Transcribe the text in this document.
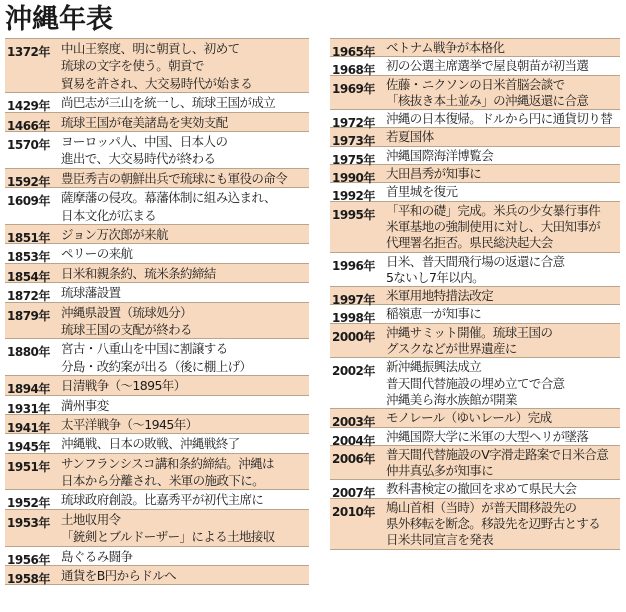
沖縄年表
1372年 中山王察度、明に朝貢し、初めて
琉球の文字を使う。朝貢で
貿易を許され、大交易時代が始まる
1429年 尚巴志が三山を統一し、琉球王国が成立
1466年 琉球王国が奄美諸島を実効支配
1570年 ヨーロッパ人、中国、日本人の
進出で、大交易時代が終わる
1592年 豊臣秀吉の朝鮮出兵で琉球にも軍役の命令
1609年 薩摩藩の侵攻。幕藩体制に組み込まれ、
日本文化が広まる
1851年 ジョン万次郎が来航
1853年 ペリーの来航
1854年 日米和親条約、琉米条約締結
1872年 琉球藩設置
1879年 沖縄県設置（琉球処分）
琉球王国の支配が終わる
1880年 宮古・八重山を中国に割譲する
分島・改約案が出る（後に棚上げ）
1894年 日清戦争（～1895年）
1931年 満州事変
1941年 太平洋戦争（～1945年）
1945年 沖縄戦、日本の敗戦、沖縄戦終了
1951年 サンフランシスコ講和条約締結。沖縄は
日本から分離され、米軍の施政下に。
1952年 琉球政府創設。比嘉秀平が初代主席に
1953年 土地収用令
「銃剣とブルドーザー」による土地接収
1956年 島ぐるみ闘争
1958年 通貨をB円からドルへ
1965年 ベトナム戦争が本格化
1968年 初の公選主席選挙で屋良朝苗が初当選
1969年 佐藤・ニクソンの日米首脳会談で
「核抜き本土並み」の沖縄返還に合意
1972年 沖縄の日本復帰。ドルから円に通貨切り替
1973年 若夏国体
1975年 沖縄国際海洋博覧会
1990年 大田昌秀が知事に
1992年 首里城を復元
1995年 「平和の礎」完成。米兵の少女暴行事件
米軍基地の強制使用に対し、大田知事が
代理署名拒否。県民総決起大会
1996年 日米、普天間飛行場の返還に合意
5ないし7年以内。
1997年 米軍用地特措法改定
1998年 稲嶺恵一が知事に
2000年 沖縄サミット開催。琉球王国の
グスクなどが世界遺産に
2002年 新沖縄振興法成立
普天間代替施設の埋め立てで合意
沖縄美ら海水族館が開業
2003年 モノレール（ゆいレール）完成
2004年 沖縄国際大学に米軍の大型ヘリが墜落
2006年 普天間代替施設のV字滑走路案で日米合意
仲井真弘多が知事に
2007年 教科書検定の撤回を求めて県民大会
2010年 鳩山首相（当時）が普天間移設先の
県外移転を断念。移設先を辺野古とする
日米共同宣言を発表
